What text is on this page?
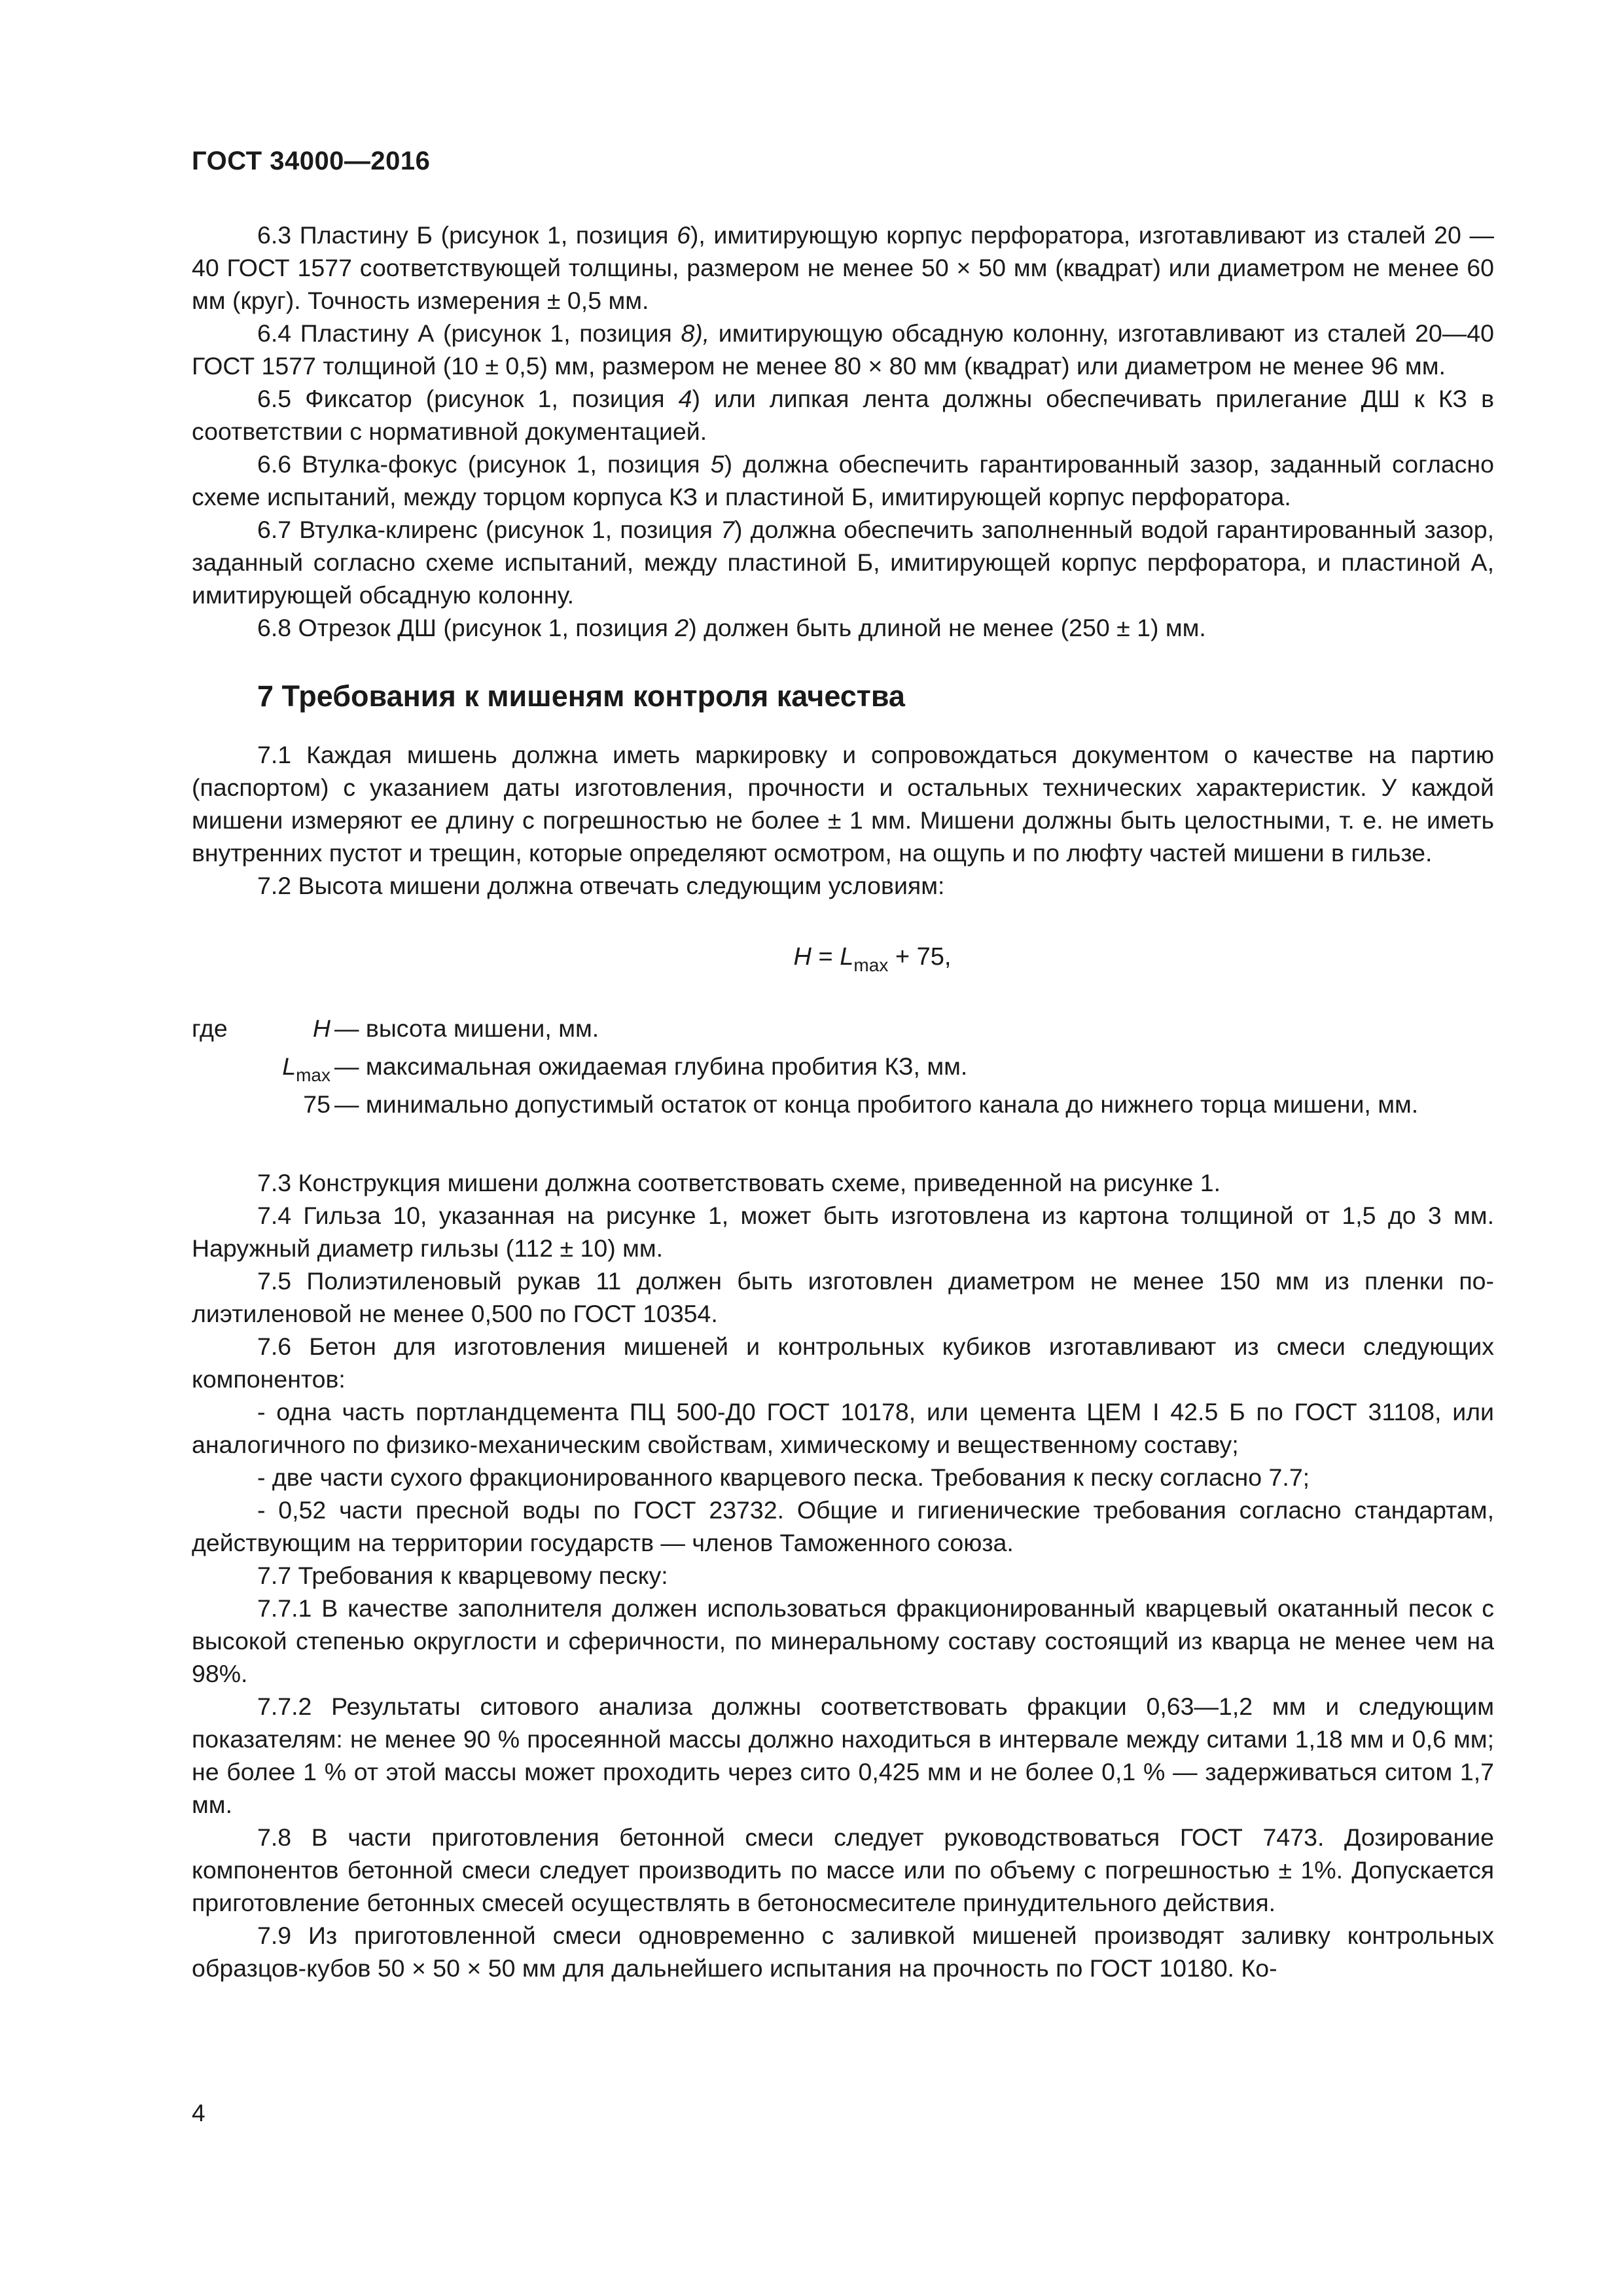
ГОСТ 34000—2016

6.3 Пластину Б (рисунок 1, позиция 6), имитирующую корпус перфоратора, изготавливают из сталей 20 — 40 ГОСТ 1577 соответствующей толщины, размером не менее 50 × 50 мм (квадрат) или диаметром не менее 60 мм (круг). Точность измерения ± 0,5 мм.

6.4 Пластину А (рисунок 1, позиция 8), имитирующую обсадную колонну, изготавливают из сталей 20—40 ГОСТ 1577 толщиной (10 ± 0,5) мм, размером не менее 80 × 80 мм (квадрат) или диаметром не менее 96 мм.

6.5 Фиксатор (рисунок 1, позиция 4) или липкая лента должны обеспечивать прилегание ДШ к КЗ в соответствии с нормативной документацией.

6.6 Втулка-фокус (рисунок 1, позиция 5) должна обеспечить гарантированный зазор, заданный согласно схеме испытаний, между торцом корпуса КЗ и пластиной Б, имитирующей корпус перфоратора.

6.7 Втулка-клиренс (рисунок 1, позиция 7) должна обеспечить заполненный водой гарантированный зазор, заданный согласно схеме испытаний, между пластиной Б, имитирующей корпус перфоратора, и пластиной А, имитирующей обсадную колонну.

6.8 Отрезок ДШ (рисунок 1, позиция 2) должен быть длиной не менее (250 ± 1) мм.

7 Требования к мишеням контроля качества

7.1 Каждая мишень должна иметь маркировку и сопровождаться документом о качестве на партию (паспортом) с указанием даты изготовления, прочности и остальных технических характеристик. У каждой мишени измеряют ее длину с погрешностью не более ± 1 мм. Мишени должны быть целостными, т. е. не иметь внутренних пустот и трещин, которые определяют осмотром, на ощупь и по люфту частей мишени в гильзе.

7.2 Высота мишени должна отвечать следующим условиям:

$H = L_{max} + 75$,
где	H — высота мишени, мм.
$L_{max}$ — максимальная ожидаемая глубина пробития КЗ, мм.
75 — минимально допустимый остаток от конца пробитого канала до нижнего торца мишени, мм.

7.3 Конструкция мишени должна соответствовать схеме, приведенной на рисунке 1.

7.4 Гильза 10, указанная на рисунке 1, может быть изготовлена из картона толщиной от 1,5 до 3 мм. Наружный диаметр гильзы (112 ± 10) мм.

7.5 Полиэтиленовый рукав 11 должен быть изготовлен диаметром не менее 150 мм из пленки полиэтиленовой не менее 0,500 по ГОСТ 10354.

7.6 Бетон для изготовления мишеней и контрольных кубиков изготавливают из смеси следующих компонентов:

- одна часть портландцемента ПЦ 500-Д0 ГОСТ 10178, или цемента ЦЕМ I 42.5 Б по ГОСТ 31108, или аналогичного по физико-механическим свойствам, химическому и вещественному составу;

- две части сухого фракционированного кварцевого песка. Требования к песку согласно 7.7;

- 0,52 части пресной воды по ГОСТ 23732. Общие и гигиенические требования согласно стандартам, действующим на территории государств — членов Таможенного союза.

7.7 Требования к кварцевому песку:

7.7.1 В качестве заполнителя должен использоваться фракционированный кварцевый окатанный песок с высокой степенью округлости и сферичности, по минеральному составу состоящий из кварца не менее чем на 98%.

7.7.2 Результаты ситового анализа должны соответствовать фракции 0,63—1,2 мм и следующим показателям: не менее 90 % просеянной массы должно находиться в интервале между ситами 1,18 мм и 0,6 мм; не более 1 % от этой массы может проходить через сито 0,425 мм и не более 0,1 % — задерживаться ситом 1,7 мм.

7.8 В части приготовления бетонной смеси следует руководствоваться ГОСТ 7473. Дозирование компонентов бетонной смеси следует производить по массе или по объему с погрешностью ± 1%. Допускается приготовление бетонных смесей осуществлять в бетоносмесителе принудительного действия.

7.9 Из приготовленной смеси одновременно с заливкой мишеней производят заливку контрольных образцов-кубов 50 × 50 × 50 мм для дальнейшего испытания на прочность по ГОСТ 10180. Ко-

4
